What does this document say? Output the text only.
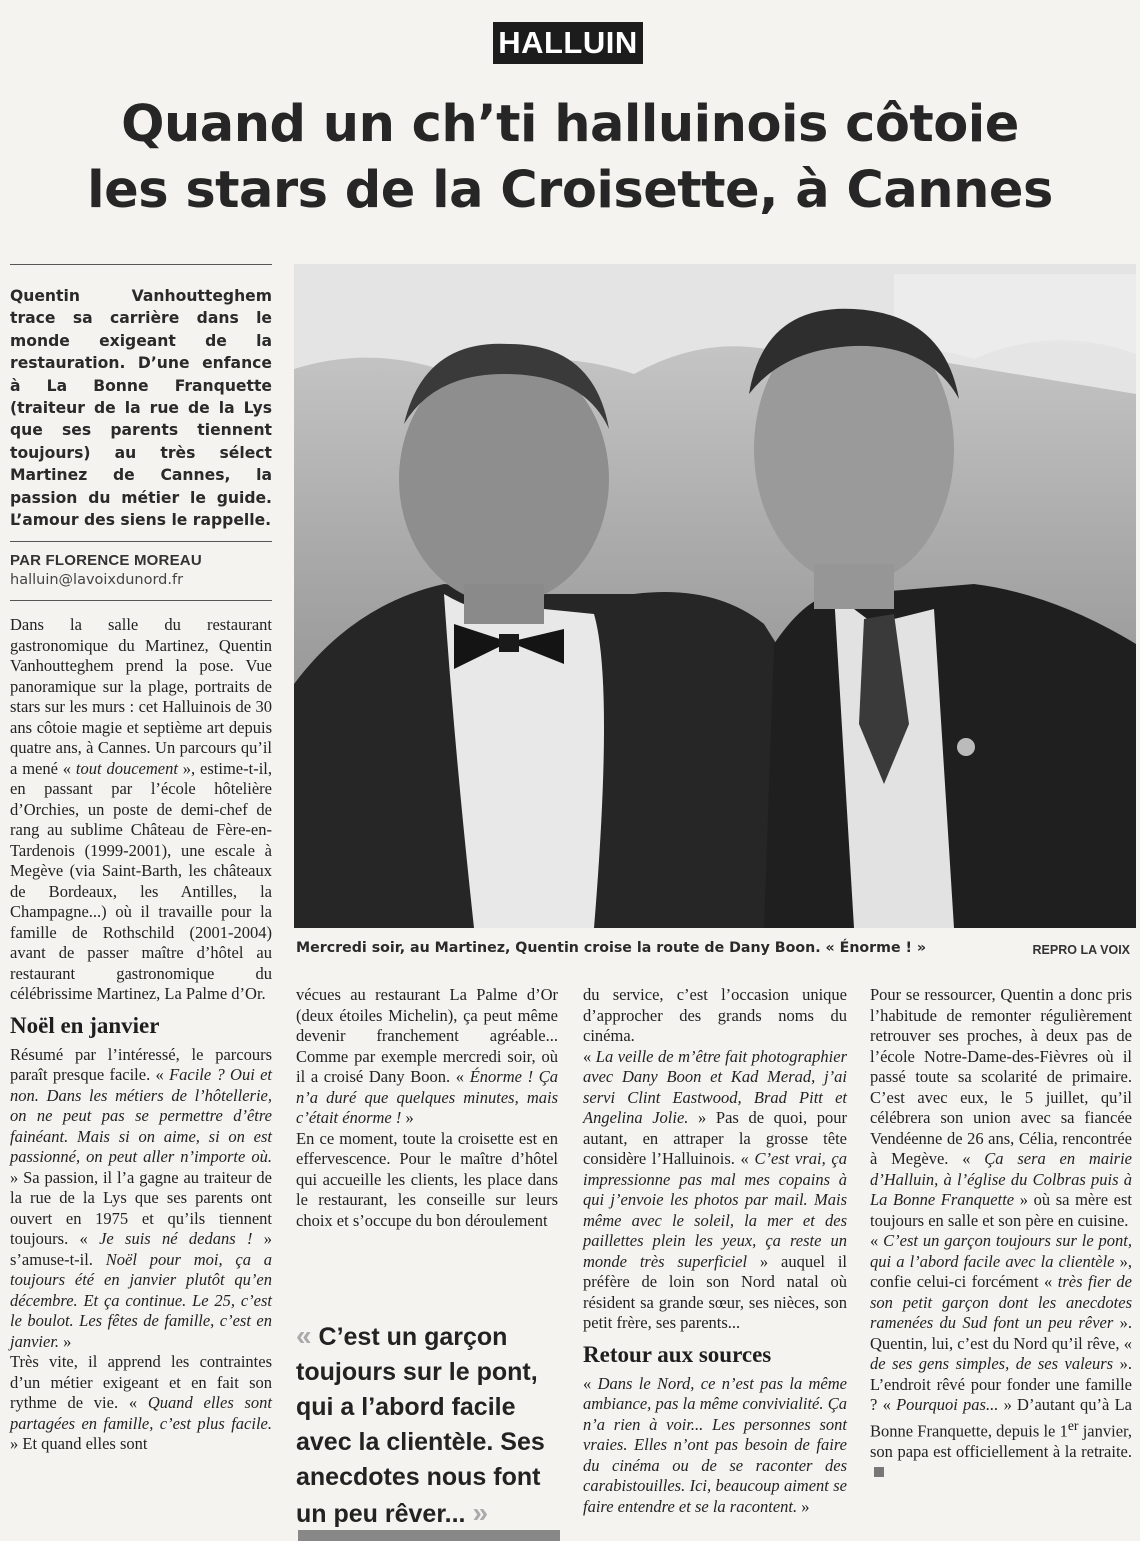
HALLUIN
Quand un ch’ti halluinois côtoie
les stars de la Croisette, à Cannes

Quentin Vanhoutteghem trace sa carrière dans le monde exigeant de la restauration. D’une enfance à La Bonne Franquette (traiteur de la rue de la Lys que ses parents tiennent toujours) au très sélect Martinez de Cannes, la passion du métier le guide. L’amour des siens le rappelle.

PAR FLORENCE MOREAU
halluin@lavoixdunord.fr
Mercredi soir, au Martinez, Quentin croise la route de Dany Boon. « Énorme ! »	REPRO LA VOIX

Dans la salle du restaurant gastronomique du Martinez, Quentin Vanhoutteghem prend la pose. Vue panoramique sur la plage, portraits de stars sur les murs : cet Halluinois de 30 ans côtoie magie et septième art depuis quatre ans, à Cannes. Un parcours qu’il a mené « tout doucement », estime-t-il, en passant par l’école hôtelière d’Orchies, un poste de demi-chef de rang au sublime Château de Fère-en-Tardenois (1999-2001), une escale à Megève (via Saint-Barth, les châteaux de Bordeaux, les Antilles, la Champagne...) où il travaille pour la famille de Rothschild (2001-2004) avant de passer maître d’hôtel au restaurant gastronomique du célébrissime Martinez, La Palme d’Or.

Noël en janvier

Résumé par l’intéressé, le parcours paraît presque facile. « Facile ? Oui et non. Dans les métiers de l’hôtellerie, on ne peut pas se permettre d’être fainéant. Mais si on aime, si on est passionné, on peut aller n’importe où. » Sa passion, il l’a gagne au traiteur de la rue de la Lys que ses parents ont ouvert en 1975 et qu’ils tiennent toujours. « Je suis né dedans ! » s’amuse-t-il. Noël pour moi, ça a toujours été en janvier plutôt qu’en décembre. Et ça continue. Le 25, c’est le boulot. Les fêtes de famille, c’est en janvier. »

Très vite, il apprend les contraintes d’un métier exigeant et en fait son rythme de vie. « Quand elles sont partagées en famille, c’est plus facile. » Et quand elles sont

vécues au restaurant La Palme d’Or (deux étoiles Michelin), ça peut même devenir franchement agréable... Comme par exemple mercredi soir, où il a croisé Dany Boon. « Énorme ! Ça n’a duré que quelques minutes, mais c’était énorme ! »

En ce moment, toute la croisette est en effervescence. Pour le maître d’hôtel qui accueille les clients, les place dans le restaurant, les conseille sur leurs choix et s’occupe du bon déroulement

« C’est un garçon toujours sur le pont, qui a l’abord facile avec la clientèle. Ses anecdotes nous font un peu rêver... »

du service, c’est l’occasion unique d’approcher des grands noms du cinéma.

« La veille de m’être fait photographier avec Dany Boon et Kad Merad, j’ai servi Clint Eastwood, Brad Pitt et Angelina Jolie. » Pas de quoi, pour autant, en attraper la grosse tête considère l’Halluinois. « C’est vrai, ça impressionne pas mal mes copains à qui j’envoie les photos par mail. Mais même avec le soleil, la mer et des paillettes plein les yeux, ça reste un monde très superficiel » auquel il préfère de loin son Nord natal où résident sa grande sœur, ses nièces, son petit frère, ses parents...

Retour aux sources

« Dans le Nord, ce n’est pas la même ambiance, pas la même convivialité. Ça n’a rien à voir... Les personnes sont vraies. Elles n’ont pas besoin de faire du cinéma ou de se raconter des carabistouilles. Ici, beaucoup aiment se faire entendre et se la racontent. »

Pour se ressourcer, Quentin a donc pris l’habitude de remonter régulièrement retrouver ses proches, à deux pas de l’école Notre-Dame-des-Fièvres où il passé toute sa scolarité de primaire. C’est avec eux, le 5 juillet, qu’il célébrera son union avec sa fiancée Vendéenne de 26 ans, Célia, rencontrée à Megève. « Ça sera en mairie d’Halluin, à l’église du Colbras puis à La Bonne Franquette » où sa mère est toujours en salle et son père en cuisine.

« C’est un garçon toujours sur le pont, qui a l’abord facile avec la clientèle », confie celui-ci forcément « très fier de son petit garçon dont les anecdotes ramenées du Sud font un peu rêver ». Quentin, lui, c’est du Nord qu’il rêve, « de ses gens simples, de ses valeurs ». L’endroit rêvé pour fonder une famille ? « Pourquoi pas... » D’autant qu’à La Bonne Franquette, depuis le 1er janvier, son papa est officiellement à la retraite.
